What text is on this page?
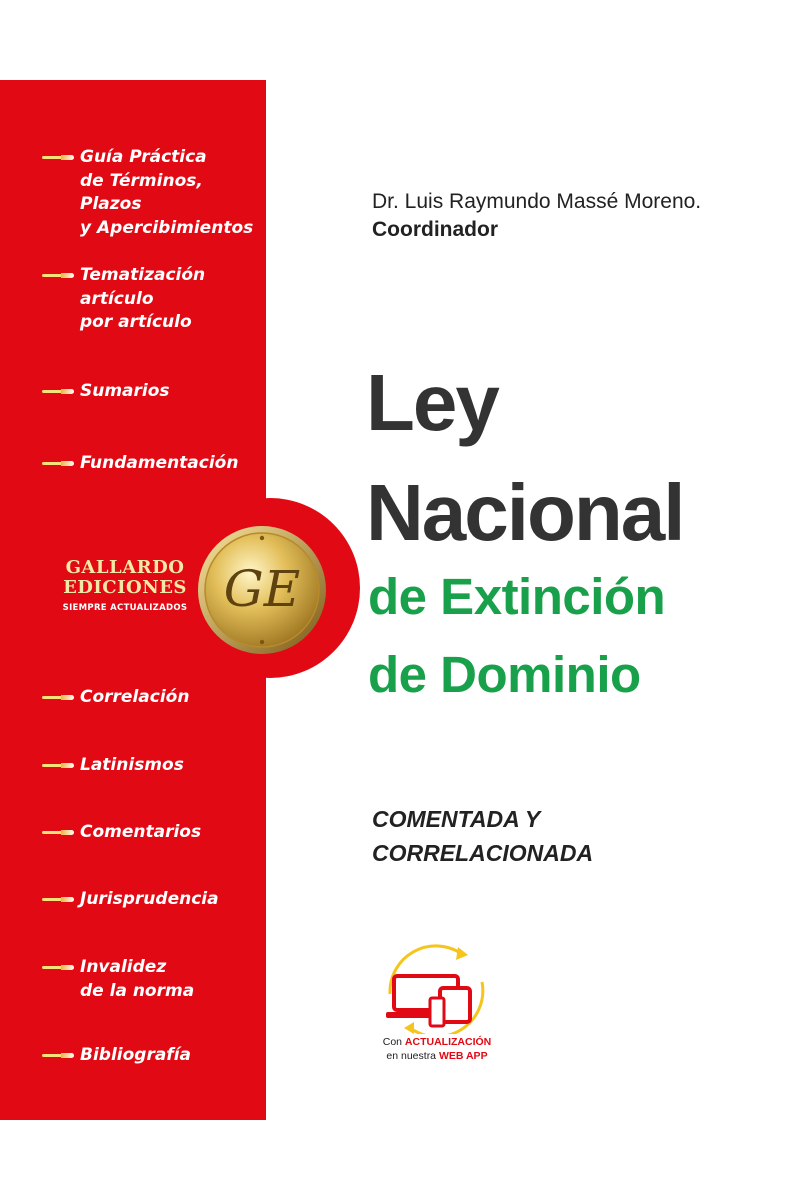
Guía Práctica
de Términos, Plazos
y Apercibimientos
Tematización
artículo
por artículo
Sumarios
Fundamentación
Correlación
Latinismos
Comentarios
Jurisprudencia
Invalidez
de la norma
Bibliografía
GALLARDO
EDICIONES
SIEMPRE ACTUALIZADOS GE
Dr. Luis Raymundo Massé Moreno.
Coordinador
Ley
Nacional
de Extinción
de Dominio
COMENTADA Y
CORRELACIONADA
Con ACTUALIZACIÓN
en nuestra WEB APP
